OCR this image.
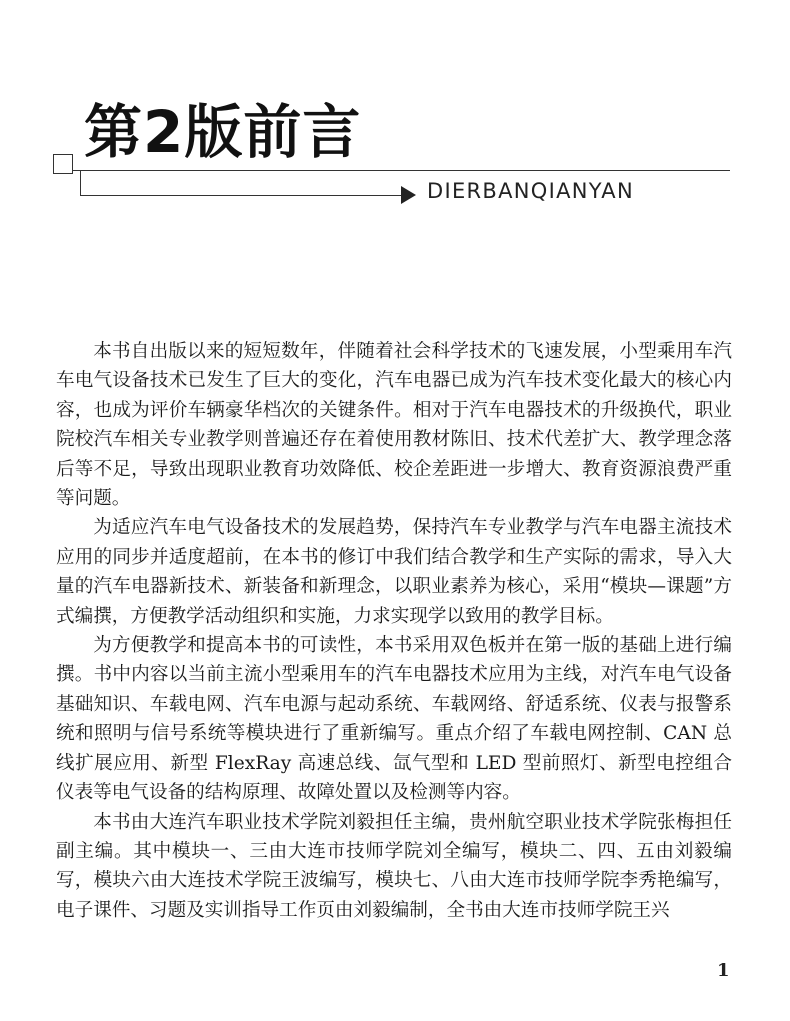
第2版前言
DIERBANQIANYAN

本书自出版以来的短短数年，伴随着社会科学技术的飞速发展，小型乘用车汽车电气设备技术已发生了巨大的变化，汽车电器已成为汽车技术变化最大的核心内容，也成为评价车辆豪华档次的关键条件。相对于汽车电器技术的升级换代，职业院校汽车相关专业教学则普遍还存在着使用教材陈旧、技术代差扩大、教学理念落后等不足，导致出现职业教育功效降低、校企差距进一步增大、教育资源浪费严重等问题。

为适应汽车电气设备技术的发展趋势，保持汽车专业教学与汽车电器主流技术应用的同步并适度超前，在本书的修订中我们结合教学和生产实际的需求，导入大量的汽车电器新技术、新装备和新理念，以职业素养为核心，采用“模块—课题”方式编撰，方便教学活动组织和实施，力求实现学以致用的教学目标。

为方便教学和提高本书的可读性，本书采用双色板并在第一版的基础上进行编撰。书中内容以当前主流小型乘用车的汽车电器技术应用为主线，对汽车电气设备基础知识、车载电网、汽车电源与起动系统、车载网络、舒适系统、仪表与报警系统和照明与信号系统等模块进行了重新编写。重点介绍了车载电网控制、CAN 总线扩展应用、新型 FlexRay 高速总线、氙气型和 LED 型前照灯、新型电控组合仪表等电气设备的结构原理、故障处置以及检测等内容。

本书由大连汽车职业技术学院刘毅担任主编，贵州航空职业技术学院张梅担任副主编。其中模块一、三由大连市技师学院刘全编写，模块二、四、五由刘毅编写，模块六由大连技术学院王波编写，模块七、八由大连市技师学院李秀艳编写，电子课件、习题及实训指导工作页由刘毅编制，全书由大连市技师学院王兴

1
